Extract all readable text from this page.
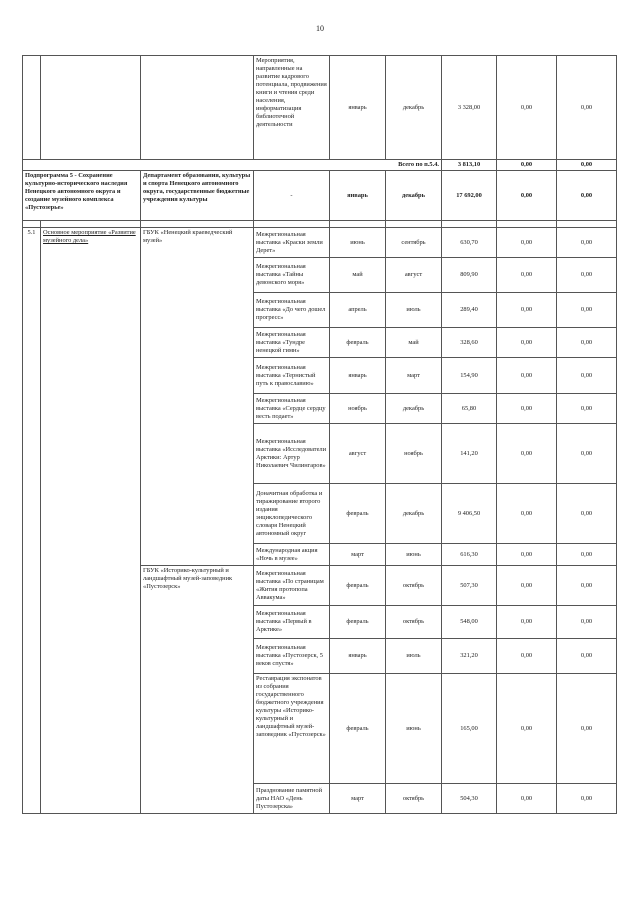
10
			Мероприятия, направленные на развитие кадрового потенциала, продвижения книги и чтения среди населения, информатизация библиотечной деятельности	январь	декабрь	3 328,00	0,00	0,00
Всего по п.5.4.						3 813,10	0,00	0,00
Подпрограмма 5 - Сохранение культурно-исторического наследия Ненецкого автономного округа и создание музейного комплекса «Пустозерье»		Департамент образования, культуры и спорта Ненецкого автономного округа, государственные бюджетные учреждения культуры	-	январь	декабрь	17 692,00	0,00	0,00

5.1	Основное мероприятие «Развитие музейного дела»	ГБУК «Ненецкий краеведческий музей»	Межрегиональная выставка «Краски земли Дерет»	июнь	сентябрь	630,70	0,00	0,00
			Межрегиональная выставка «Тайны девонского моря»	май	август	809,90	0,00	0,00
			Межрегиональная выставка «До чего дошел прогресс»	апрель	июль	289,40	0,00	0,00
			Межрегиональная выставка «Тундре ненецкой гимн»	февраль	май	328,60	0,00	0,00
			Межрегиональная выставка «Тернистый путь к православию»	январь	март	154,90	0,00	0,00
			Межрегиональная выставка «Сердце сердцу весть подает»	ноябрь	декабрь	65,80	0,00	0,00
			Межрегиональная выставка «Исследователи Арктики: Артур Николаевич Чилингаров»	август	ноябрь	141,20	0,00	0,00
			Доначитная обработка и тиражирование второго издания энциклопедического словаря Ненецкий автономный округ	февраль	декабрь	9 406,50	0,00	0,00
			Международная акция «Ночь в музее»	март	июнь	616,30	0,00	0,00
		ГБУК «Историко-культурный и ландшафтный музей-заповедник «Пустозерск»	Межрегиональная выставка «По страницам «Жития протопопа Аввакума»	февраль	октябрь	507,30	0,00	0,00
			Межрегиональная выставка «Первый в Арктике»	февраль	октябрь	548,00	0,00	0,00
			Межрегиональная выставка «Пустозерск, 5 веков спустя»	январь	июль	321,20	0,00	0,00
			Реставрация экспонатов из собрания государственного бюджетного учреждения культуры «Историко-культурный и ландшафтный музей-заповедник «Пустозерск»	февраль	июнь	165,00	0,00	0,00
			Празднование памятной даты НАО «День Пустозерска»	март	октябрь	504,30	0,00	0,00
